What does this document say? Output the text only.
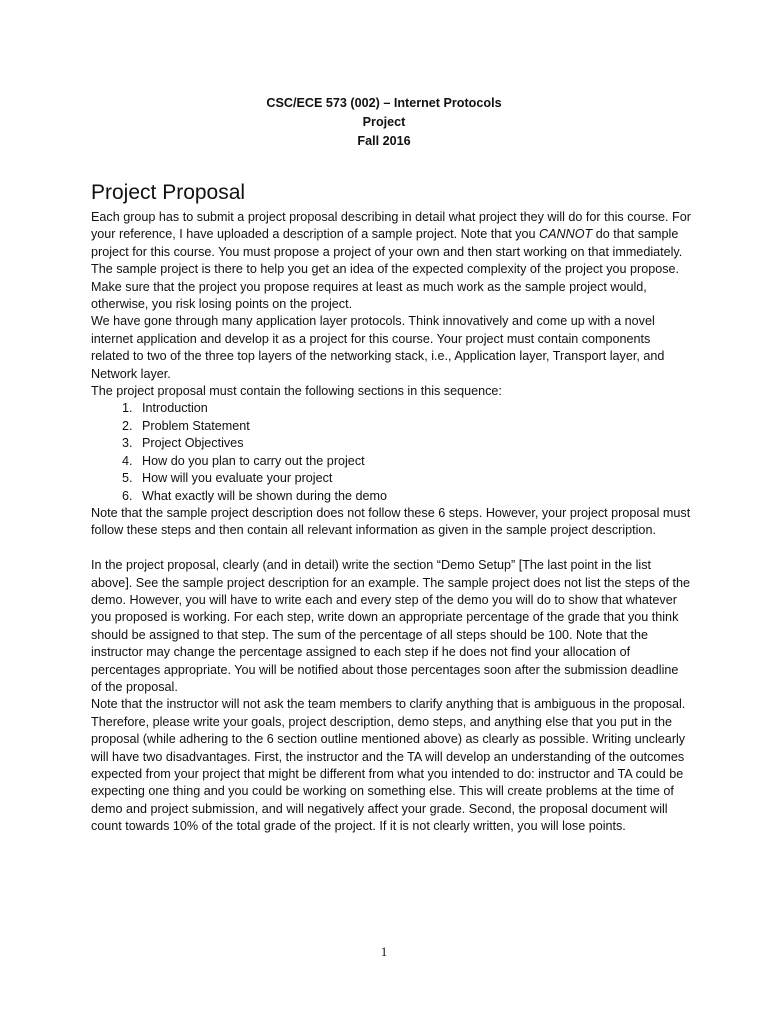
CSC/ECE 573 (002) – Internet Protocols
Project
Fall 2016
Project Proposal

Each group has to submit a project proposal describing in detail what project they will do for this course. For your reference, I have uploaded a description of a sample project. Note that you CANNOT do that sample project for this course. You must propose a project of your own and then start working on that immediately. The sample project is there to help you get an idea of the expected complexity of the project you propose. Make sure that the project you propose requires at least as much work as the sample project would, otherwise, you risk losing points on the project.

We have gone through many application layer protocols. Think innovatively and come up with a novel internet application and develop it as a project for this course. Your project must contain components related to two of the three top layers of the networking stack, i.e., Application layer, Transport layer, and Network layer.

The project proposal must contain the following sections in this sequence:

1. Introduction
2. Problem Statement
3. Project Objectives
4. How do you plan to carry out the project
5. How will you evaluate your project
6. What exactly will be shown during the demo

Note that the sample project description does not follow these 6 steps. However, your project proposal must follow these steps and then contain all relevant information as given in the sample project description.

In the project proposal, clearly (and in detail) write the section “Demo Setup” [The last point in the list above]. See the sample project description for an example. The sample project does not list the steps of the demo. However, you will have to write each and every step of the demo you will do to show that whatever you proposed is working. For each step, write down an appropriate percentage of the grade that you think should be assigned to that step. The sum of the percentage of all steps should be 100. Note that the instructor may change the percentage assigned to each step if he does not find your allocation of percentages appropriate. You will be notified about those percentages soon after the submission deadline of the proposal.

Note that the instructor will not ask the team members to clarify anything that is ambiguous in the proposal. Therefore, please write your goals, project description, demo steps, and anything else that you put in the proposal (while adhering to the 6 section outline mentioned above) as clearly as possible. Writing unclearly will have two disadvantages. First, the instructor and the TA will develop an understanding of the outcomes expected from your project that might be different from what you intended to do: instructor and TA could be expecting one thing and you could be working on something else. This will create problems at the time of demo and project submission, and will negatively affect your grade. Second, the proposal document will count towards 10% of the total grade of the project. If it is not clearly written, you will lose points.

1
